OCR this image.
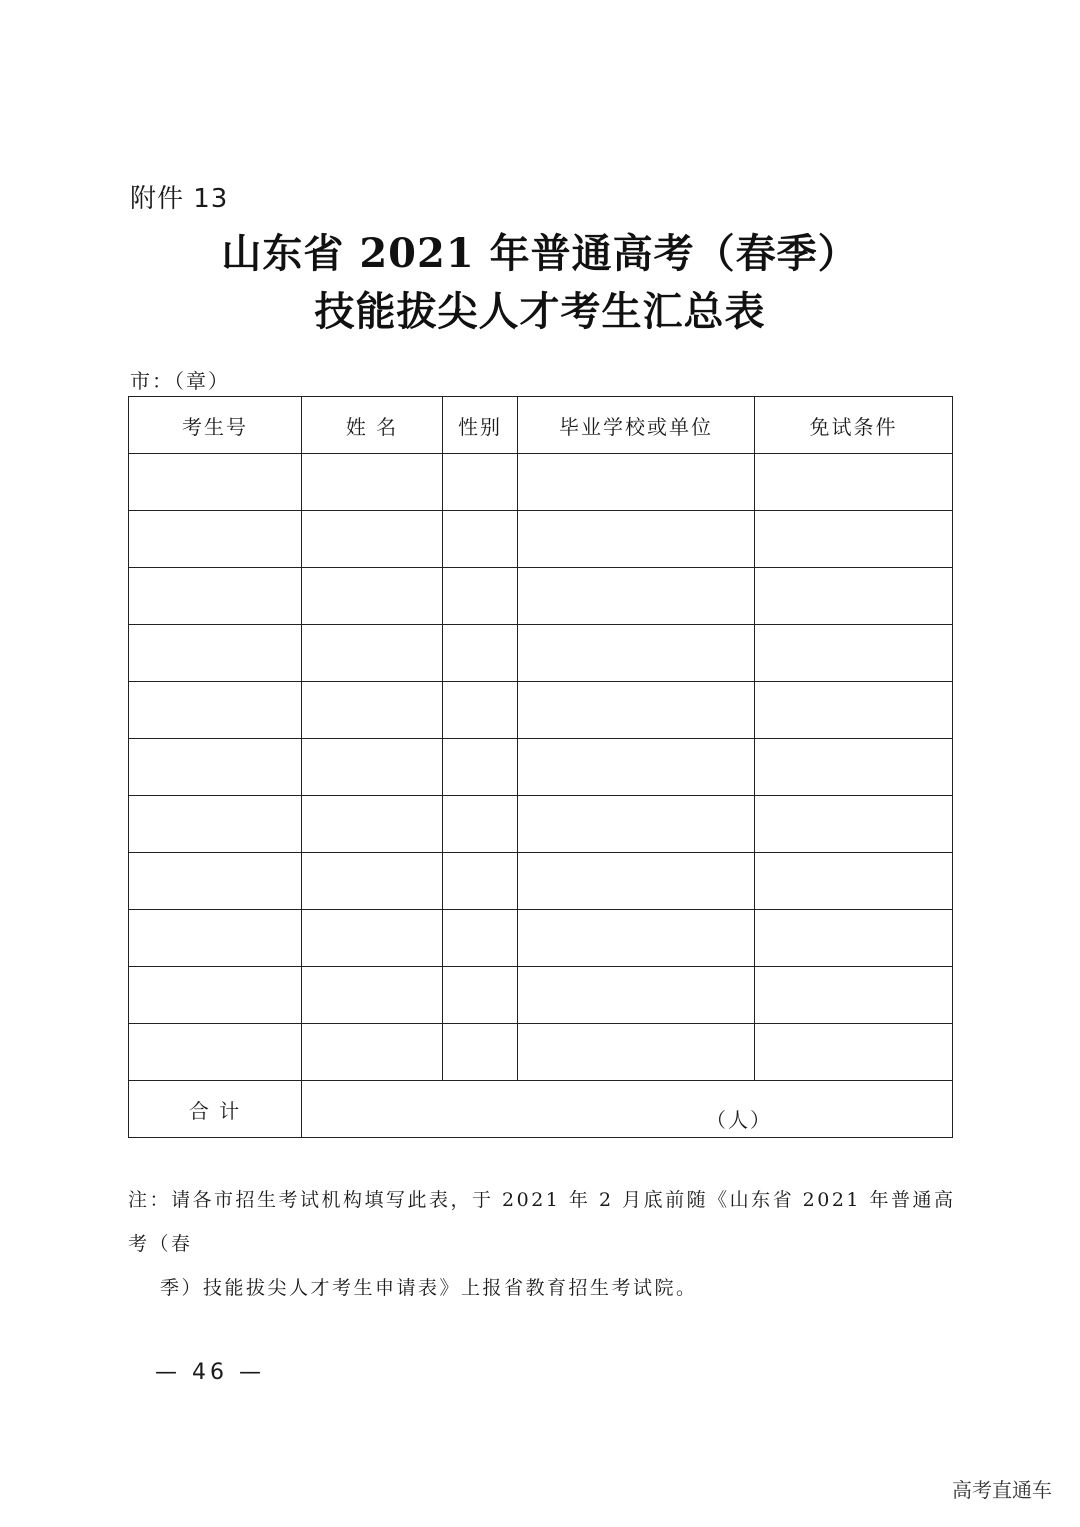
附件 13
山东省 2021 年普通高考（春季）
技能拔尖人才考生汇总表
市：（章）
考生号	姓 名	性别	毕业学校或单位	免试条件

合 计	（人）			
注：请各市招生考试机构填写此表，于 2021 年 2 月底前随《山东省 2021 年普通高考（春
季）技能拔尖人才考生申请表》上报省教育招生考试院。
— 46 —
高考直通车
